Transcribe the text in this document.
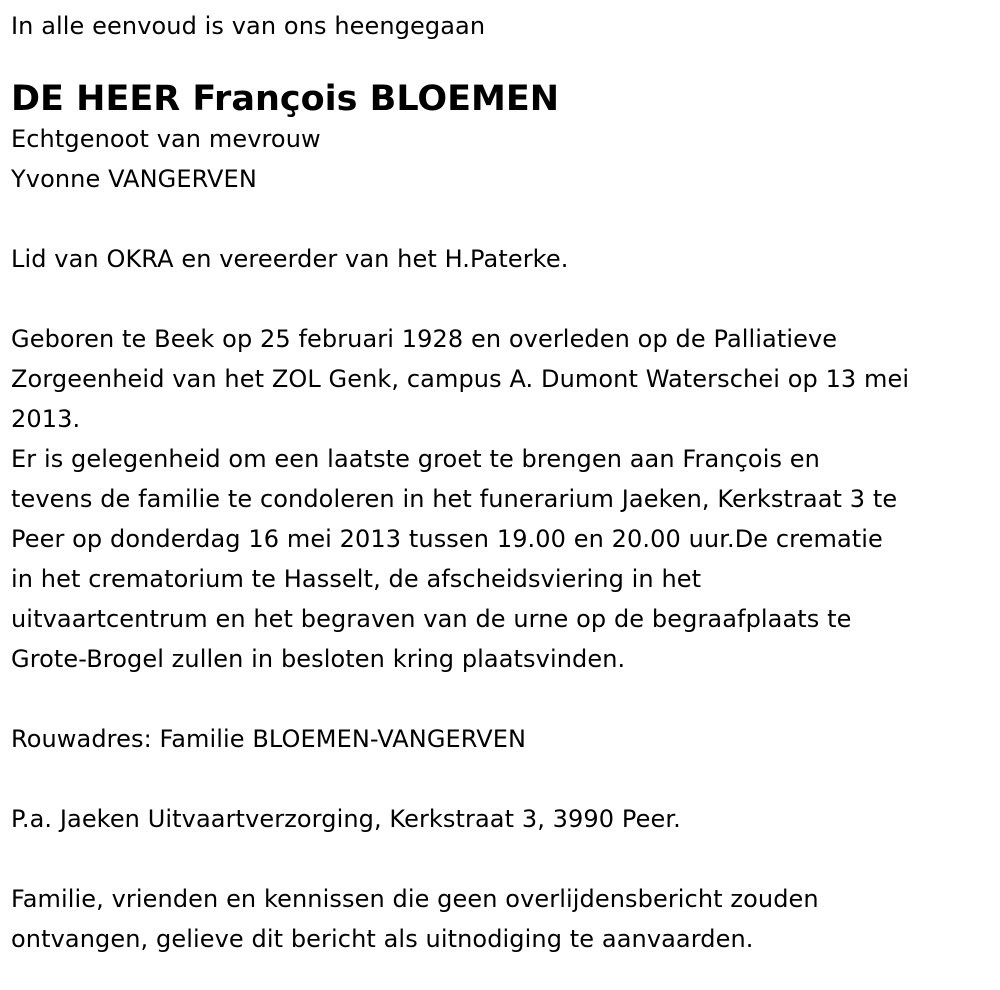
In alle eenvoud is van ons heengegaan

DE HEER François BLOEMEN

Echtgenoot van mevrouw

Yvonne VANGERVEN

Lid van OKRA en vereerder van het H.Paterke.

Geboren te Beek op 25 februari 1928 en overleden op de Palliatieve

Zorgeenheid van het ZOL Genk, campus A. Dumont Waterschei op 13 mei

2013.

Er is gelegenheid om een laatste groet te brengen aan François en

tevens de familie te condoleren in het funerarium Jaeken, Kerkstraat 3 te

Peer op donderdag 16 mei 2013 tussen 19.00 en 20.00 uur.De crematie

in het crematorium te Hasselt, de afscheidsviering in het

uitvaartcentrum en het begraven van de urne op de begraafplaats te

Grote-Brogel zullen in besloten kring plaatsvinden.

Rouwadres: Familie BLOEMEN-VANGERVEN

P.a. Jaeken Uitvaartverzorging, Kerkstraat 3, 3990 Peer.

Familie, vrienden en kennissen die geen overlijdensbericht zouden

ontvangen, gelieve dit bericht als uitnodiging te aanvaarden.
